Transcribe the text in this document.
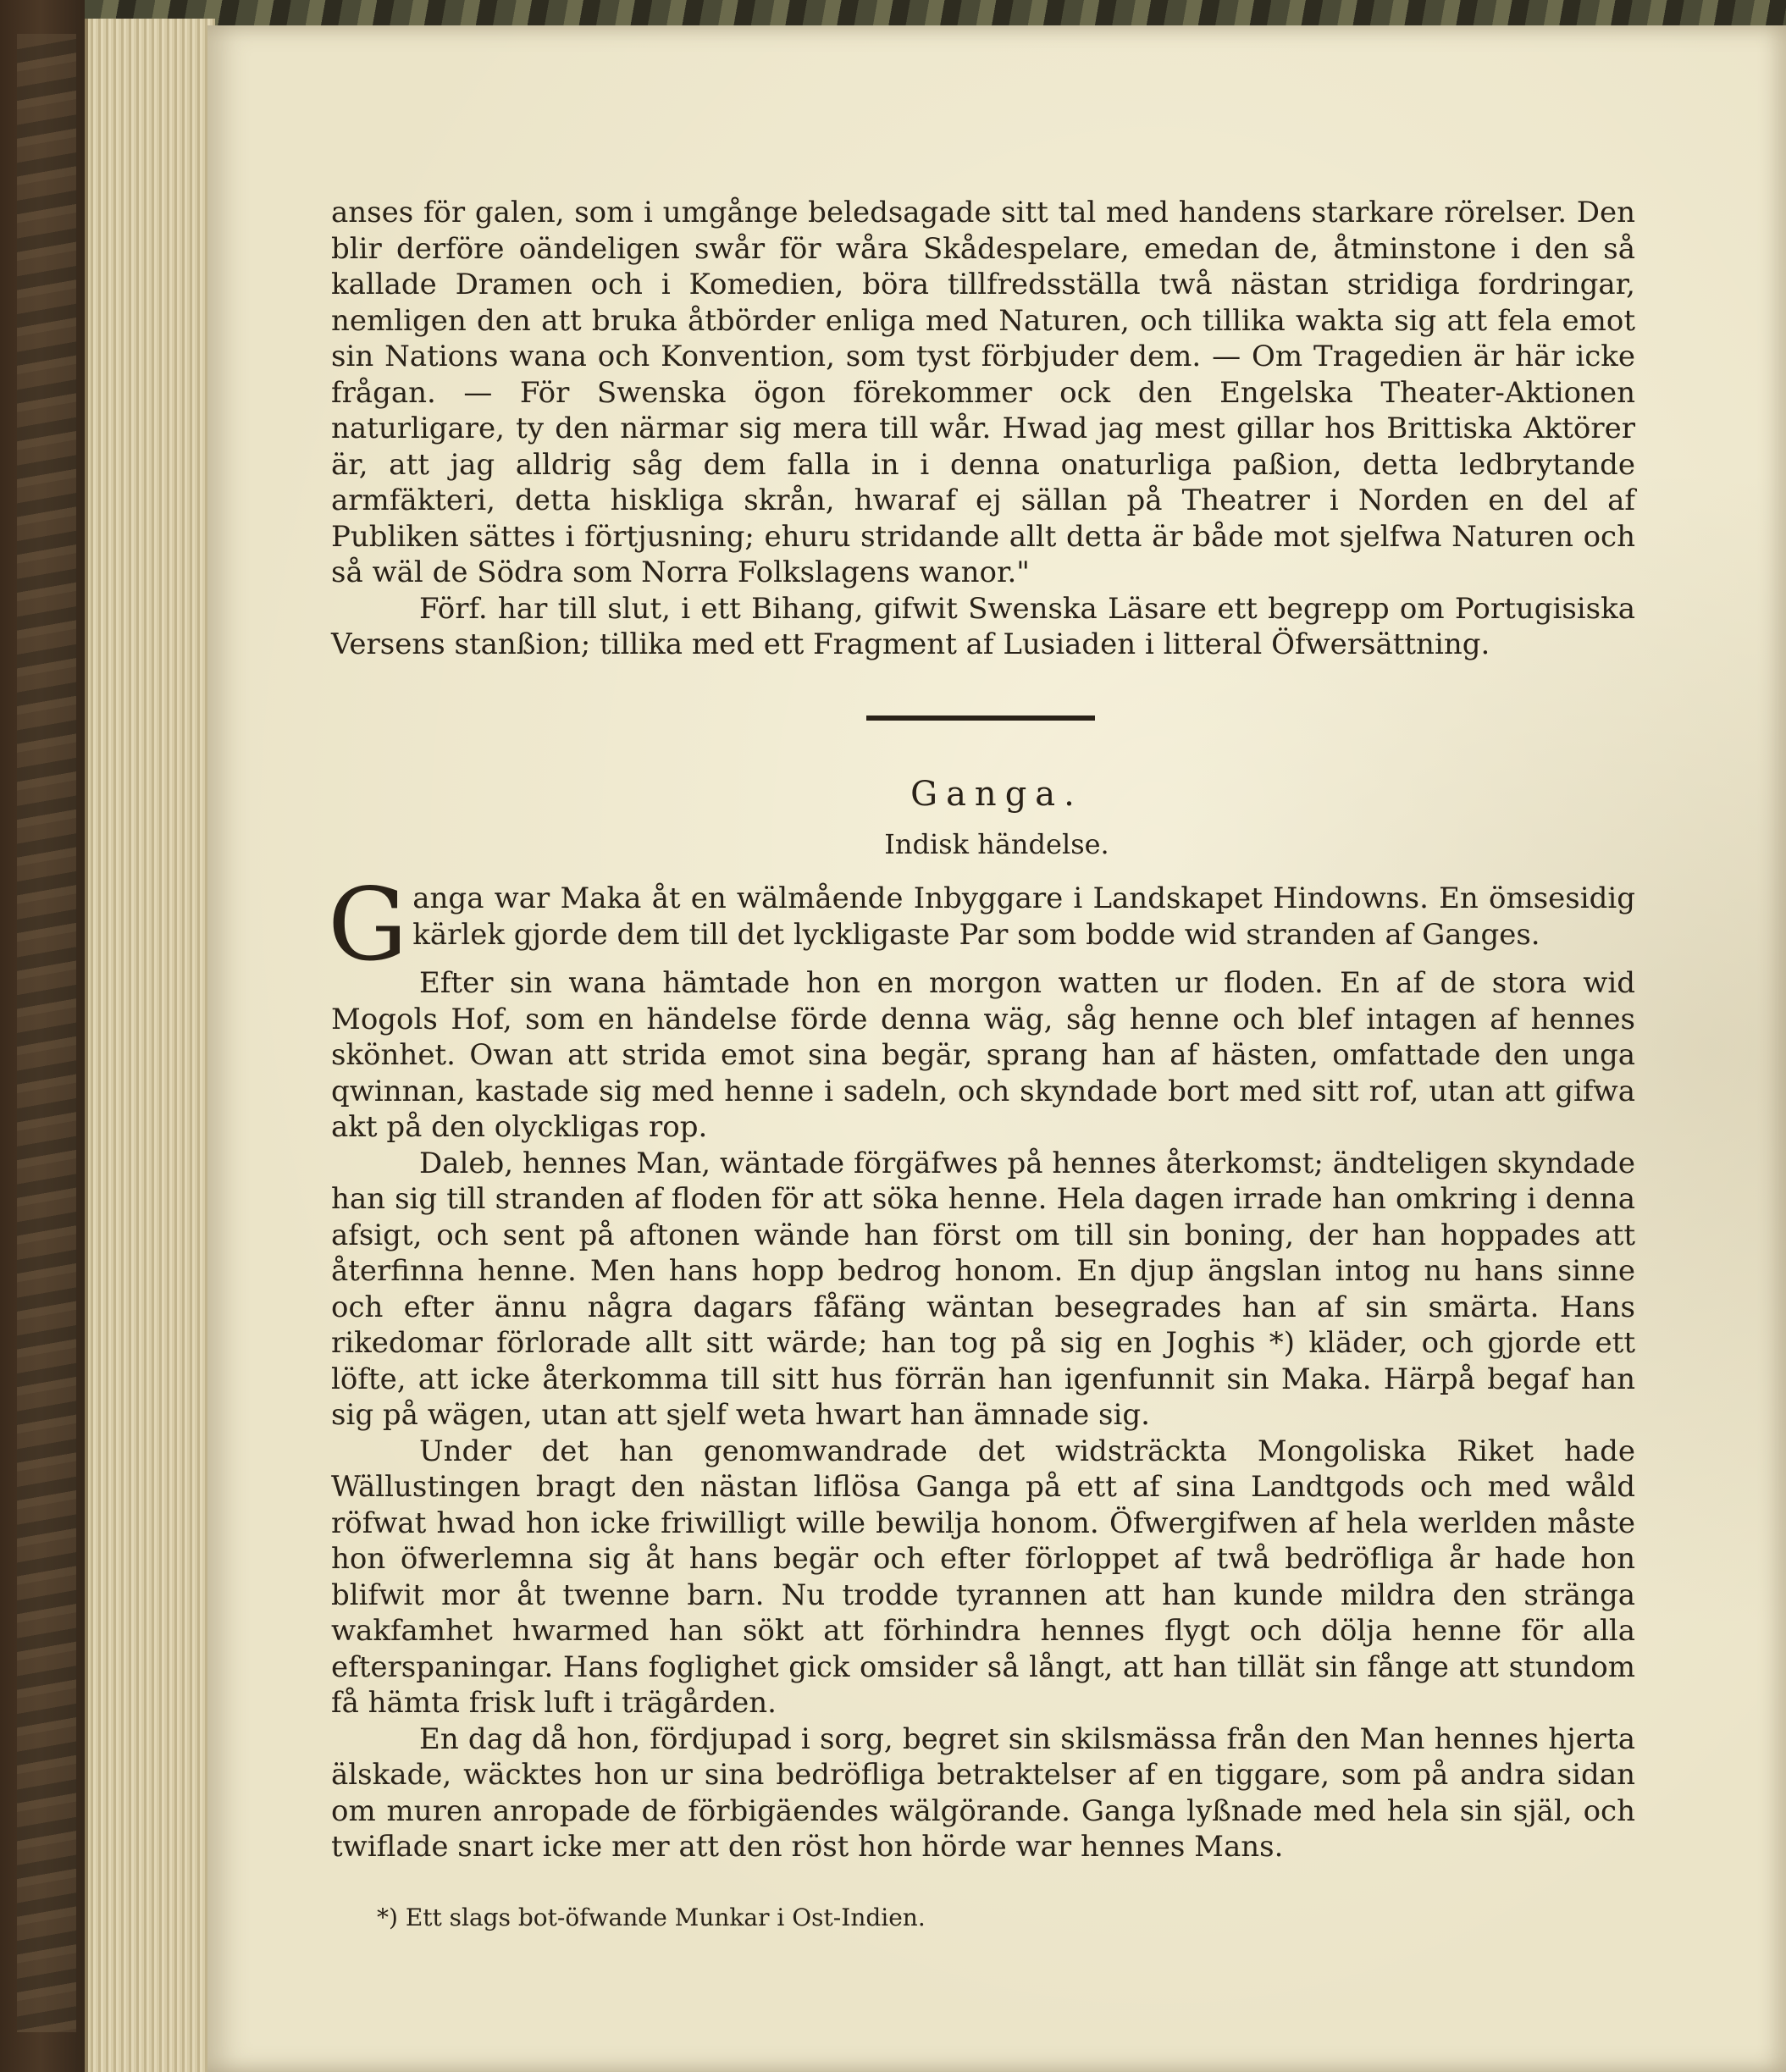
anses för galen, som i umgånge beledsagade sitt tal med handens starkare rörelser. Den blir derföre oändeligen swår för wåra Skådespelare, emedan de, åtminstone i den så kallade Dramen och i Komedien, böra tillfredsställa twå nästan stridiga fordringar, nemligen den att bruka åtbörder enliga med Naturen, och tillika wakta sig att fela emot sin Nations wana och Konvention, som tyst förbjuder dem. — Om Tragedien är här icke frågan. — För Swenska ögon förekommer ock den Engelska Theater-Aktionen naturligare, ty den närmar sig mera till wår. Hwad jag mest gillar hos Brittiska Aktörer är, att jag alldrig såg dem falla in i denna onaturliga paßion, detta ledbrytande armfäkteri, detta hiskliga skrån, hwaraf ej sällan på Theatrer i Norden en del af Publiken sättes i förtjusning; ehuru stridande allt detta är både mot sjelfwa Naturen och så wäl de Södra som Norra Folkslagens wanor."

Förf. har till slut, i ett Bihang, gifwit Swenska Läsare ett begrepp om Portugisiska Versens stanßion; tillika med ett Fragment af Lusiaden i litteral Öfwersättning.

Ganga.
Indisk händelse.

G anga war Maka åt en wälmående Inbyggare i Landskapet Hindowns. En ömsesidig kärlek gjorde dem till det lyckligaste Par som bodde wid stranden af Ganges.

Efter sin wana hämtade hon en morgon watten ur floden. En af de stora wid Mogols Hof, som en händelse förde denna wäg, såg henne och blef intagen af hennes skönhet. Owan att strida emot sina begär, sprang han af hästen, omfattade den unga qwinnan, kastade sig med henne i sadeln, och skyndade bort med sitt rof, utan att gifwa akt på den olyckligas rop.

Daleb, hennes Man, wäntade förgäfwes på hennes återkomst; ändteligen skyndade han sig till stranden af floden för att söka henne. Hela dagen irrade han omkring i denna afsigt, och sent på aftonen wände han först om till sin boning, der han hoppades att återfinna henne. Men hans hopp bedrog honom. En djup ängslan intog nu hans sinne och efter ännu några dagars fåfäng wäntan besegrades han af sin smärta. Hans rikedomar förlorade allt sitt wärde; han tog på sig en Joghis *) kläder, och gjorde ett löfte, att icke återkomma till sitt hus förrän han igenfunnit sin Maka. Härpå begaf han sig på wägen, utan att sjelf weta hwart han ämnade sig.

Under det han genomwandrade det widsträckta Mongoliska Riket hade Wällustingen bragt den nästan liflösa Ganga på ett af sina Landtgods och med wåld röfwat hwad hon icke friwilligt wille bewilja honom. Öfwergifwen af hela werlden måste hon öfwerlemna sig åt hans begär och efter förloppet af twå bedröfliga år hade hon blifwit mor åt twenne barn. Nu trodde tyrannen att han kunde mildra den stränga wakfamhet hwarmed han sökt att förhindra hennes flygt och dölja henne för alla efterspaningar. Hans foglighet gick omsider så långt, att han tillät sin fånge att stundom få hämta frisk luft i trägården.

En dag då hon, fördjupad i sorg, begret sin skilsmässa från den Man hennes hjerta älskade, wäcktes hon ur sina bedröfliga betraktelser af en tiggare, som på andra sidan om muren anropade de förbigäendes wälgörande. Ganga lyßnade med hela sin själ, och twiflade snart icke mer att den röst hon hörde war hennes Mans.

*) Ett slags bot-öfwande Munkar i Ost-Indien.
